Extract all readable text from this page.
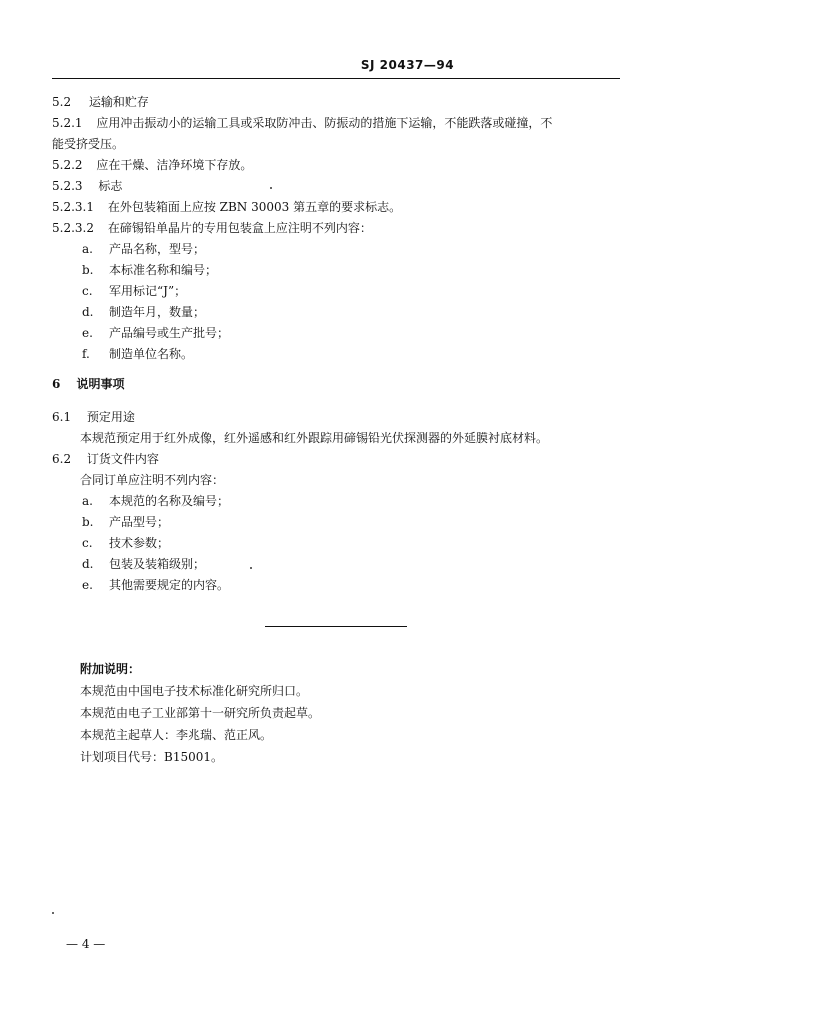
SJ 20437—94
5.2 运输和贮存
5.2.1 应用冲击振动小的运输工具或采取防冲击、防振动的措施下运输，不能跌落或碰撞，不
能受挤受压。
5.2.2 应在干燥、洁净环境下存放。
5.2.3 标志
5.2.3.1 在外包装箱面上应按 ZBN 30003 第五章的要求标志。
5.2.3.2 在碲锡铅单晶片的专用包装盒上应注明不列内容：
a. 产品名称，型号；
b. 本标准名称和编号；
c. 军用标记“J”；
d. 制造年月，数量；
e. 产品编号或生产批号；
f. 制造单位名称。
6 说明事项
6.1 预定用途
本规范预定用于红外成像，红外遥感和红外跟踪用碲锡铅光伏探测器的外延膜衬底材料。
6.2 订货文件内容
合同订单应注明不列内容：
a. 本规范的名称及编号；
b. 产品型号；
c. 技术参数；
d. 包装及装箱级别；
e. 其他需要规定的内容。
附加说明：
本规范由中国电子技术标准化研究所归口。
本规范由电子工业部第十一研究所负责起草。
本规范主起草人：李兆瑞、范正风。
计划项目代号：B15001。
— 4 —
